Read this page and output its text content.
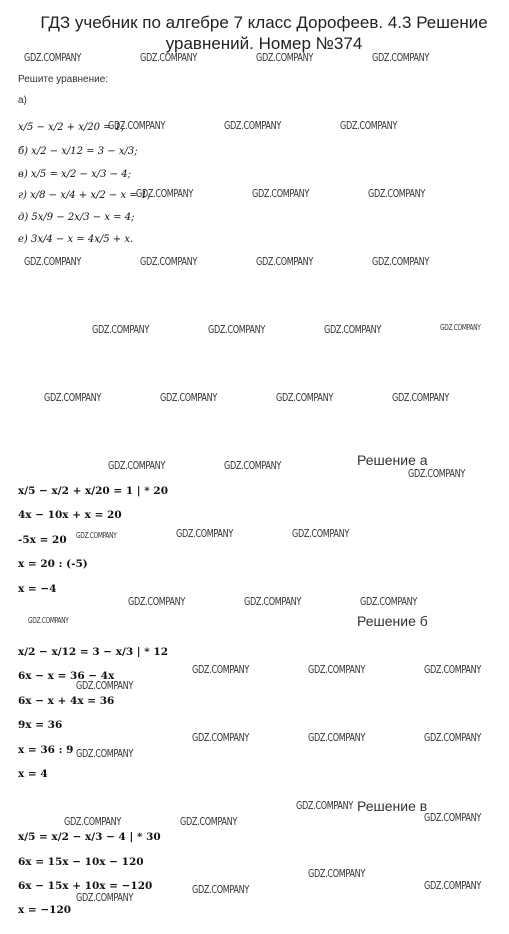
ГДЗ учебник по алгебре 7 класс Дорофеев. 4.3 Решение уравнений. Номер №374
Решите уравнение:
а)
x/5 − x/2 + x/20 = 1;
б) x/2 − x/12 = 3 − x/3;
в) x/5 = x/2 − x/3 − 4;
г) x/8 − x/4 + x/2 − x = 1;
д) 5x/9 − 2x/3 − x = 4;
е) 3x/4 − x = 4x/5 + x.
Решение а
x/5 − x/2 + x/20 = 1 | * 20
4x − 10x + x = 20
-5x = 20
x = 20 : (-5)
x = −4
Решение б
x/2 − x/12 = 3 − x/3 | * 12
6x − x = 36 − 4x
6x − x + 4x = 36
9x = 36
x = 36 : 9
x = 4
Решение в
x/5 = x/2 − x/3 − 4 | * 30
6x = 15x − 10x − 120
6x − 15x + 10x = −120
x = −120
GDZ.COMPANY	GDZ.COMPANY	GDZ.COMPANY	GDZ.COMPANY
GDZ.COMPANY	GDZ.COMPANY	GDZ.COMPANY
GDZ.COMPANY	GDZ.COMPANY	GDZ.COMPANY
GDZ.COMPANY	GDZ.COMPANY	GDZ.COMPANY	GDZ.COMPANY
GDZ.COMPANY	GDZ.COMPANY	GDZ.COMPANY	GDZ.COMPANY
GDZ.COMPANY	GDZ.COMPANY	GDZ.COMPANY	GDZ.COMPANY
GDZ.COMPANY	GDZ.COMPANY
GDZ.COMPANY
GDZ.COMPANY	GDZ.COMPANY	GDZ.COMPANY
GDZ.COMPANY	GDZ.COMPANY	GDZ.COMPANY
GDZ.COMPANY
GDZ.COMPANY	GDZ.COMPANY	GDZ.COMPANY
GDZ.COMPANY
GDZ.COMPANY	GDZ.COMPANY	GDZ.COMPANY
GDZ.COMPANY
GDZ.COMPANY
GDZ.COMPANY	GDZ.COMPANY	GDZ.COMPANY
GDZ.COMPANY
GDZ.COMPANY	GDZ.COMPANY
GDZ.COMPANY
